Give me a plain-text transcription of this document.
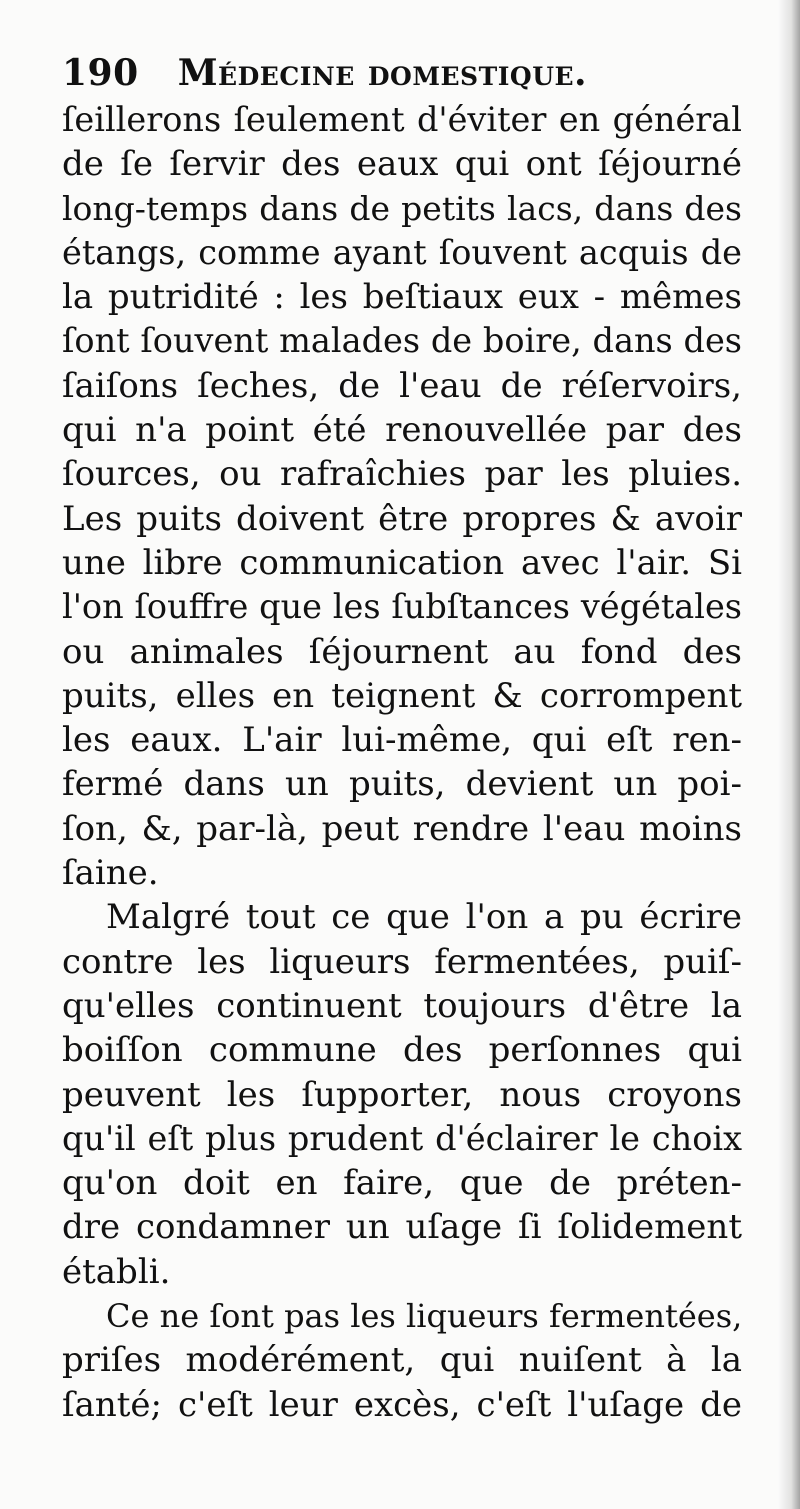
190 Médecine domestique.
ſeillerons ſeulement d'éviter en général
de ſe ſervir des eaux qui ont ſéjourné
long-temps dans de petits lacs, dans des
étangs, comme ayant ſouvent acquis de
la putridité : les beſtiaux eux - mêmes
ſont ſouvent malades de boire, dans des
ſaiſons ſeches, de l'eau de réſervoirs,
qui n'a point été renouvellée par des
ſources, ou rafraîchies par les pluies.
Les puits doivent être propres & avoir
une libre communication avec l'air. Si
l'on ſouffre que les ſubſtances végétales
ou animales ſéjournent au fond des
puits, elles en teignent & corrompent
les eaux. L'air lui-même, qui eſt ren-
fermé dans un puits, devient un poi-
ſon, &, par-là, peut rendre l'eau moins
ſaine.
Malgré tout ce que l'on a pu écrire
contre les liqueurs fermentées, puiſ-
qu'elles continuent toujours d'être la
boiſſon commune des perſonnes qui
peuvent les ſupporter, nous croyons
qu'il eſt plus prudent d'éclairer le choix
qu'on doit en faire, que de préten-
dre condamner un uſage ſi ſolidement
établi.
Ce ne ſont pas les liqueurs fermentées,
priſes modérément, qui nuiſent à la
ſanté; c'eſt leur excès, c'eſt l'uſage de
